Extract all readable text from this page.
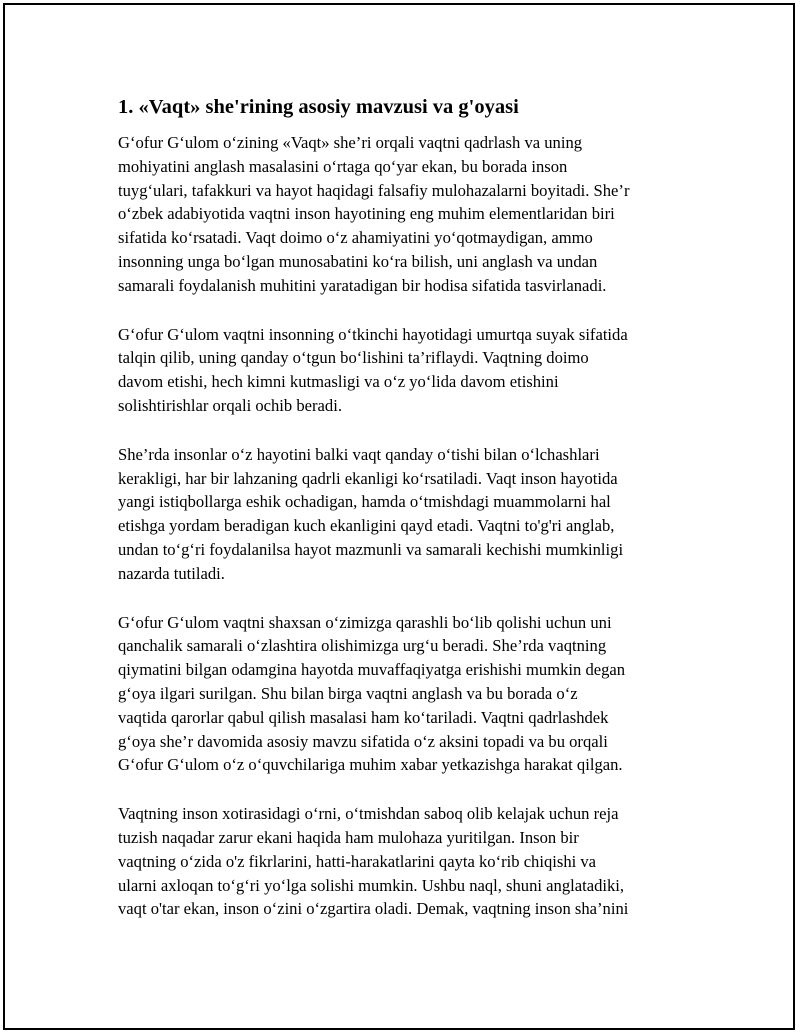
1. «Vaqt» she'rining asosiy mavzusi va g'oyasi

G‘ofur G‘ulom o‘zining «Vaqt» she’ri orqali vaqtni qadrlash va uning
mohiyatini anglash masalasini o‘rtaga qo‘yar ekan, bu borada inson
tuyg‘ulari, tafakkuri va hayot haqidagi falsafiy mulohazalarni boyitadi. She’r
o‘zbek adabiyotida vaqtni inson hayotining eng muhim elementlaridan biri
sifatida ko‘rsatadi. Vaqt doimo o‘z ahamiyatini yo‘qotmaydigan, ammo
insonning unga bo‘lgan munosabatini ko‘ra bilish, uni anglash va undan
samarali foydalanish muhitini yaratadigan bir hodisa sifatida tasvirlanadi.

G‘ofur G‘ulom vaqtni insonning o‘tkinchi hayotidagi umurtqa suyak sifatida
talqin qilib, uning qanday o‘tgun bo‘lishini ta’riflaydi. Vaqtning doimo
davom etishi, hech kimni kutmasligi va o‘z yo‘lida davom etishini
solishtirishlar orqali ochib beradi.

She’rda insonlar o‘z hayotini balki vaqt qanday o‘tishi bilan o‘lchashlari
kerakligi, har bir lahzaning qadrli ekanligi ko‘rsatiladi. Vaqt inson hayotida
yangi istiqbollarga eshik ochadigan, hamda o‘tmishdagi muammolarni hal
etishga yordam beradigan kuch ekanligini qayd etadi. Vaqtni to'g'ri anglab,
undan to‘g‘ri foydalanilsa hayot mazmunli va samarali kechishi mumkinligi
nazarda tutiladi.

G‘ofur G‘ulom vaqtni shaxsan o‘zimizga qarashli bo‘lib qolishi uchun uni
qanchalik samarali o‘zlashtira olishimizga urg‘u beradi. She’rda vaqtning
qiymatini bilgan odamgina hayotda muvaffaqiyatga erishishi mumkin degan
g‘oya ilgari surilgan. Shu bilan birga vaqtni anglash va bu borada o‘z
vaqtida qarorlar qabul qilish masalasi ham ko‘tariladi. Vaqtni qadrlashdek
g‘oya she’r davomida asosiy mavzu sifatida o‘z aksini topadi va bu orqali
G‘ofur G‘ulom o‘z o‘quvchilariga muhim xabar yetkazishga harakat qilgan.

Vaqtning inson xotirasidagi o‘rni, o‘tmishdan saboq olib kelajak uchun reja
tuzish naqadar zarur ekani haqida ham mulohaza yuritilgan. Inson bir
vaqtning o‘zida o'z fikrlarini, hatti-harakatlarini qayta ko‘rib chiqishi va
ularni axloqan to‘g‘ri yo‘lga solishi mumkin. Ushbu naql, shuni anglatadiki,
vaqt o'tar ekan, inson o‘zini o‘zgartira oladi. Demak, vaqtning inson sha’nini
